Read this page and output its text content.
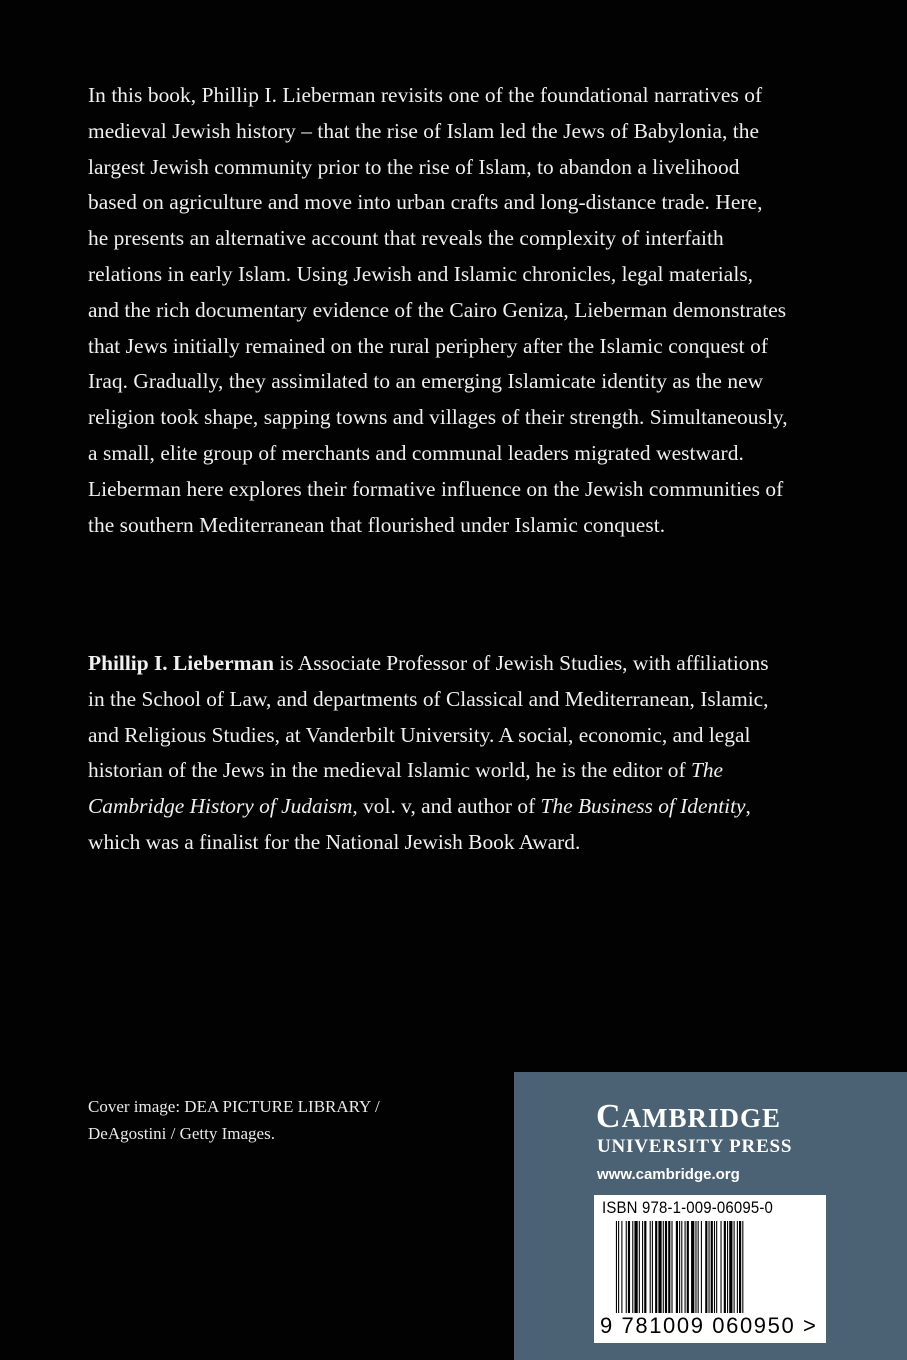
In this book, Phillip I. Lieberman revisits one of the foundational narratives of medieval Jewish history – that the rise of Islam led the Jews of Babylonia, the largest Jewish community prior to the rise of Islam, to abandon a livelihood based on agriculture and move into urban crafts and long-distance trade. Here, he presents an alternative account that reveals the complexity of interfaith relations in early Islam. Using Jewish and Islamic chronicles, legal materials, and the rich documentary evidence of the Cairo Geniza, Lieberman demonstrates that Jews initially remained on the rural periphery after the Islamic conquest of Iraq. Gradually, they assimilated to an emerging Islamicate identity as the new religion took shape, sapping towns and villages of their strength. Simultaneously, a small, elite group of merchants and communal leaders migrated westward. Lieberman here explores their formative influence on the Jewish communities of the southern Mediterranean that flourished under Islamic conquest.

Phillip I. Lieberman is Associate Professor of Jewish Studies, with affiliations in the School of Law, and departments of Classical and Mediterranean, Islamic, and Religious Studies, at Vanderbilt University. A social, economic, and legal historian of the Jews in the medieval Islamic world, he is the editor of The Cambridge History of Judaism, vol. v, and author of The Business of Identity, which was a finalist for the National Jewish Book Award.

Cover image: DEA PICTURE LIBRARY /
DeAgostini / Getty Images.	CAMBRIDGE
UNIVERSITY PRESS
www.cambridge.org
ISBN 978-1-009-06095-0
9 781009 060950 >
